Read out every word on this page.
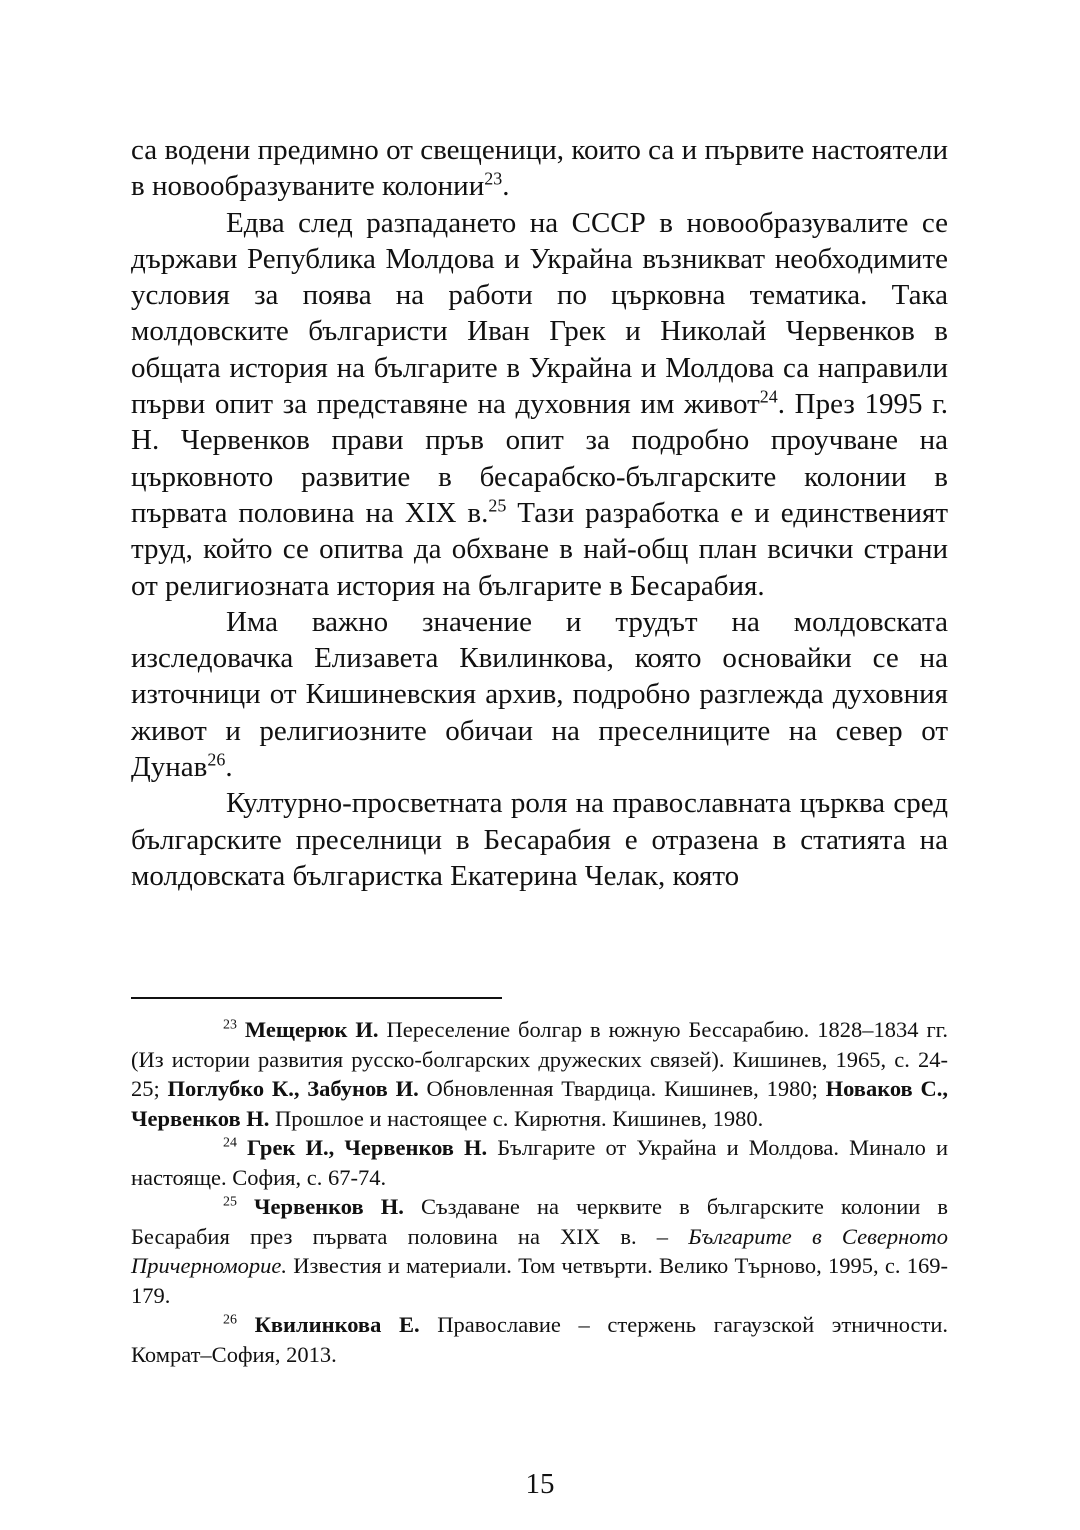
са водени предимно от свещеници, които са и първите настоятели в новообразуваните колонии$^{23}$.

Едва след разпадането на СССР в новообразувалите се държави Република Молдова и Украйна възникват необходимите условия за поява на работи по църковна тематика. Така молдовските българисти Иван Грек и Николай Червенков в общата история на българите в Украйна и Молдова са направили първи опит за представяне на духовния им живот$^{24}$. През 1995 г. Н. Червенков прави пръв опит за подробно проучване на църковното развитие в бесарабско-българските колонии в първата половина на XIX в.$^{25}$ Тази разработка е и единственият труд, който се опитва да обхване в най-общ план всички страни от религиозната история на българите в Бесарабия.

Има важно значение и трудът на молдовската изследовачка Елизавета Квилинкова, която основайки се на източници от Кишиневския архив, подробно разглежда духовния живот и религиозните обичаи на преселниците на север от Дунав$^{26}$.

Културно-просветната роля на православната църква сред българските преселници в Бесарабия е отразена в статията на молдовската българистка Екатерина Челак, която

$^{23}$ Мещерюк И. Переселение болгар в южную Бессарабию. 1828–1834 гг. (Из истории развития русско-болгарских дружеских связей). Кишинев, 1965, с. 24-25; Поглубко К., Забунов И. Обновленная Твардица. Кишинев, 1980; Новаков С., Червенков Н. Прошлое и настоящее с. Кирютня. Кишинев, 1980.

$^{24}$ Грек И., Червенков Н. Българите от Украйна и Молдова. Минало и настояще. София, с. 67-74.

$^{25}$ Червенков Н. Създаване на черквите в българските колонии в Бесарабия през първата половина на XIX в. – Българите в Северното Причерноморие. Известия и материали. Том четвърти. Велико Търново, 1995, с. 169-179.

$^{26}$ Квилинкова Е. Православие – стержень гагаузской этничности. Комрат–София, 2013.

15
